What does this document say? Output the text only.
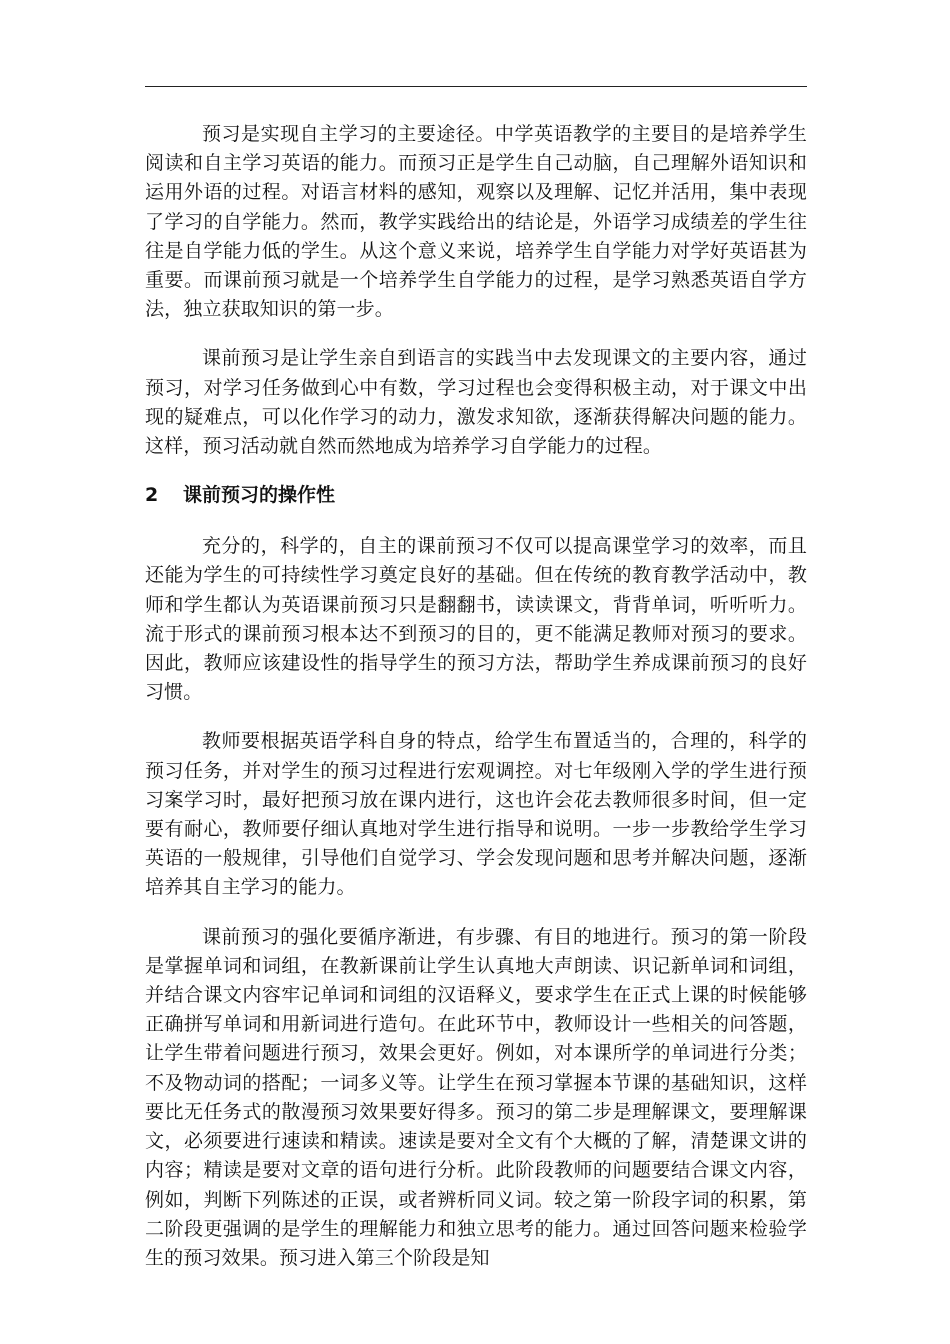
预习是实现自主学习的主要途径。中学英语教学的主要目的是培养学生阅读和自主学习英语的能力。而预习正是学生自己动脑，自己理解外语知识和运用外语的过程。对语言材料的感知，观察以及理解、记忆并活用，集中表现了学习的自学能力。然而，教学实践给出的结论是，外语学习成绩差的学生往往是自学能力低的学生。从这个意义来说，培养学生自学能力对学好英语甚为重要。而课前预习就是一个培养学生自学能力的过程，是学习熟悉英语自学方法，独立获取知识的第一步。

课前预习是让学生亲自到语言的实践当中去发现课文的主要内容，通过预习，对学习任务做到心中有数，学习过程也会变得积极主动，对于课文中出现的疑难点，可以化作学习的动力，激发求知欲，逐渐获得解决问题的能力。这样，预习活动就自然而然地成为培养学习自学能力的过程。

2 课前预习的操作性

充分的，科学的，自主的课前预习不仅可以提高课堂学习的效率，而且还能为学生的可持续性学习奠定良好的基础。但在传统的教育教学活动中，教师和学生都认为英语课前预习只是翻翻书，读读课文，背背单词，听听听力。流于形式的课前预习根本达不到预习的目的，更不能满足教师对预习的要求。因此，教师应该建设性的指导学生的预习方法，帮助学生养成课前预习的良好习惯。

教师要根据英语学科自身的特点，给学生布置适当的，合理的，科学的预习任务，并对学生的预习过程进行宏观调控。对七年级刚入学的学生进行预习案学习时，最好把预习放在课内进行，这也许会花去教师很多时间，但一定要有耐心，教师要仔细认真地对学生进行指导和说明。一步一步教给学生学习英语的一般规律，引导他们自觉学习、学会发现问题和思考并解决问题，逐渐培养其自主学习的能力。

课前预习的强化要循序渐进，有步骤、有目的地进行。预习的第一阶段是掌握单词和词组，在教新课前让学生认真地大声朗读、识记新单词和词组，并结合课文内容牢记单词和词组的汉语释义，要求学生在正式上课的时候能够正确拼写单词和用新词进行造句。在此环节中，教师设计一些相关的问答题，让学生带着问题进行预习，效果会更好。例如，对本课所学的单词进行分类；不及物动词的搭配；一词多义等。让学生在预习掌握本节课的基础知识，这样要比无任务式的散漫预习效果要好得多。预习的第二步是理解课文，要理解课文，必须要进行速读和精读。速读是要对全文有个大概的了解，清楚课文讲的内容；精读是要对文章的语句进行分析。此阶段教师的问题要结合课文内容，例如，判断下列陈述的正误，或者辨析同义词。较之第一阶段字词的积累，第二阶段更强调的是学生的理解能力和独立思考的能力。通过回答问题来检验学生的预习效果。预习进入第三个阶段是知
